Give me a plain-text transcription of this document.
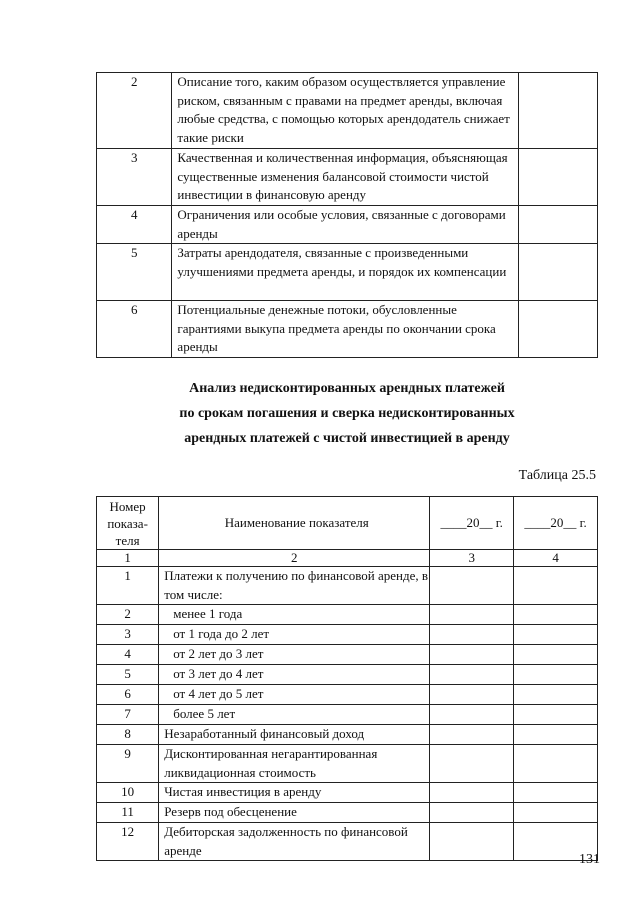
2	Описание того, каким образом осуществляется управление риском, связанным с правами на предмет аренды, включая любые средства, с помощью которых арендодатель снижает такие риски	
3	Качественная и количественная информация, объясняющая существенные изменения балансовой стоимости чистой инвестиции в финансовую аренду	
4	Ограничения или особые условия, связанные с договорами аренды	
5	Затраты арендодателя, связанные с произведенными улучшениями предмета аренды, и порядок их компенсации	
6	Потенциальные денежные потоки, обусловленные гарантиями выкупа предмета аренды по окончании срока аренды	
Анализ недисконтированных арендных платежей
по срокам погашения и сверка недисконтированных
арендных платежей с чистой инвестицией в аренду
Таблица 25.5
Номер показа-теля	Наименование показателя	____20__ г.	____20__ г.
1	2	3	4
1	Платежи к получению по финансовой аренде, в том числе:		
2	менее 1 года		
3	от 1 года до 2 лет		
4	от 2 лет до 3 лет		
5	от 3 лет до 4 лет		
6	от 4 лет до 5 лет		
7	более 5 лет		
8	Незаработанный финансовый доход		
9	Дисконтированная негарантированная ликвидационная стоимость		
10	Чистая инвестиция в аренду		
11	Резерв под обесценение		
12	Дебиторская задолженность по финансовой аренде		
131
